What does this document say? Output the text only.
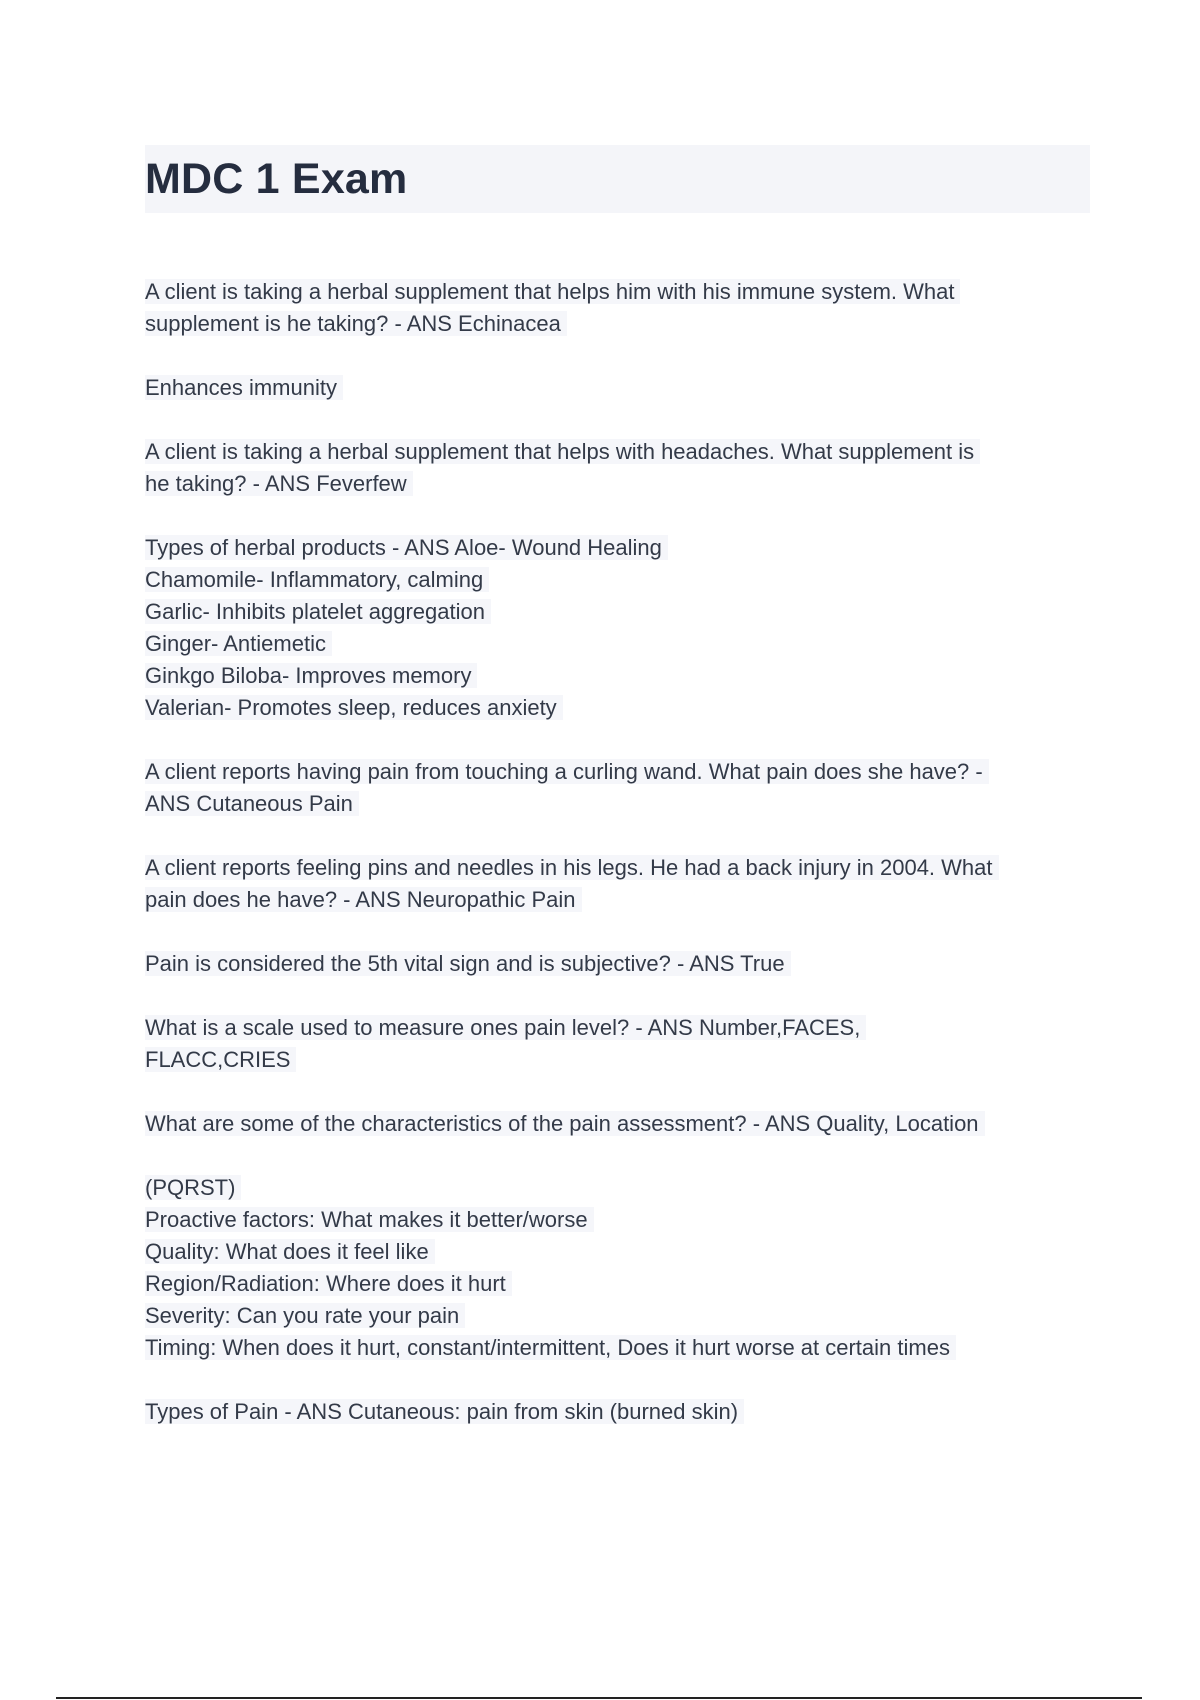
MDC 1 Exam

A client is taking a herbal supplement that helps him with his immune system. What
supplement is he taking? - ANS Echinacea

Enhances immunity

A client is taking a herbal supplement that helps with headaches. What supplement is
he taking? - ANS Feverfew

Types of herbal products - ANS Aloe- Wound Healing
Chamomile- Inflammatory, calming
Garlic- Inhibits platelet aggregation
Ginger- Antiemetic
Ginkgo Biloba- Improves memory
Valerian- Promotes sleep, reduces anxiety

A client reports having pain from touching a curling wand. What pain does she have? -
ANS Cutaneous Pain

A client reports feeling pins and needles in his legs. He had a back injury in 2004. What
pain does he have? - ANS Neuropathic Pain

Pain is considered the 5th vital sign and is subjective? - ANS True

What is a scale used to measure ones pain level? - ANS Number,FACES,
FLACC,CRIES

What are some of the characteristics of the pain assessment? - ANS Quality, Location

(PQRST)
Proactive factors: What makes it better/worse
Quality: What does it feel like
Region/Radiation: Where does it hurt
Severity: Can you rate your pain
Timing: When does it hurt, constant/intermittent, Does it hurt worse at certain times

Types of Pain - ANS Cutaneous: pain from skin (burned skin)
